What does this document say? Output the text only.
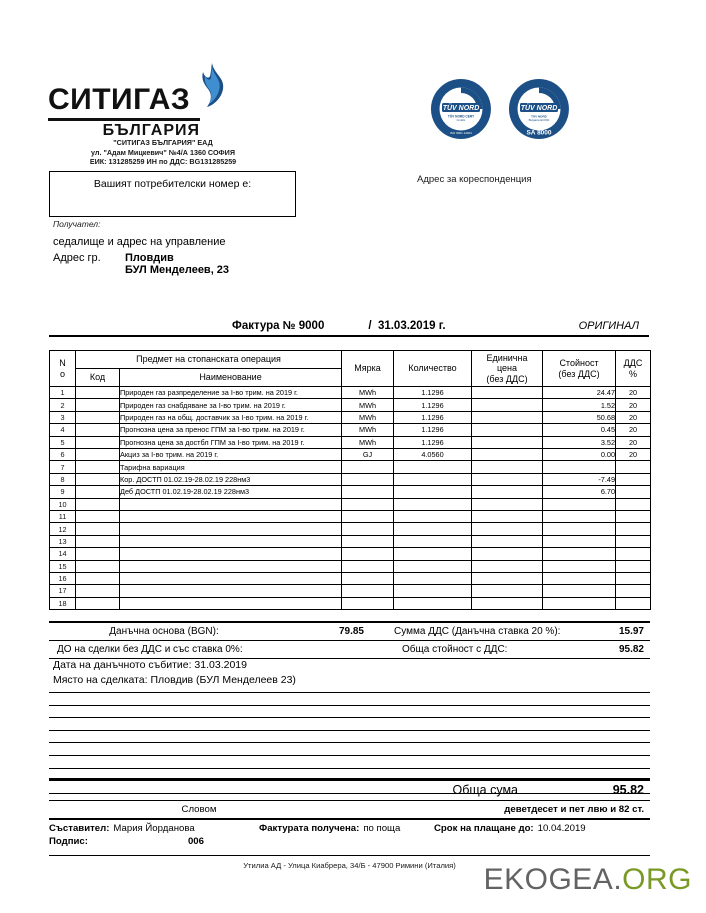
СИТИГАЗ
БЪЛГАРИЯ
"СИТИГАЗ БЪЛГАРИЯ" ЕАД
ул. "Адам Мицкевич" №4/А 1360 СОФИЯ
ЕИК: 131285259 ИН по ДДС: BG131285259
TÜV NORD
TÜV NORD CERT
GmbH
ISO 9001 14001
TÜV NORD
TÜV NORD
Bulgaria EOOD
SA 8000
Вашият потребителски номер е:	Адрес за кореспонденция
Получател:
седалище и адрес на управление
Адрес гр.	Пловдив
БУЛ Менделеев, 23
Фактура № 9000	/ 31.03.2019 г.	ОРИГИНАЛ
N
o	Предмет на стопанската операция		Мярка	Количество	Единична
цена
(без ДДС)	Стойност
(без ДДС)	ДДС
%
	Код	Наименование					
1		Природен газ разпределение за I-во трим. на 2019 г.	MWh	1.1296		24.47	20
2		Природен газ снабдяване за I-во трим. на 2019 г.	MWh	1.1296		1.52	20
3		Природен газ на общ. доставчик за I-во трим. на 2019 г.	MWh	1.1296		50.68	20
4		Прогнозна цена за пренос ГПМ за I-во трим. на 2019 г.	MWh	1.1296		0.45	20
5		Прогнозна цена за достбл ГПМ за I-во трим. на 2019 г.	MWh	1.1296		3.52	20
6		Акциз за I-во трим. на 2019 г.	GJ	4.0560		0.00	20
7		Тарифна вариация					
8		Кор. ДОСТП 01.02.19-28.02.19 228нм3				-7.49	
9		Деб ДОСТП 01.02.19-28.02.19 228нм3				6.70	
10							
11							
12							
13							
14							
15							
16							
17							
18							
Данъчна основа (BGN):	79.85	Сумма ДДС (Данъчна ставка 20 %):	15.97
ДО на сделки без ДДС и със ставка 0%:	Обща стойност с ДДС:	95.82
Дата на данъчното събитие: 31.03.2019
Място на сделката: Пловдив (БУЛ Менделеев 23)
Обща сума	95.82
Словом	деветдесет и пет лвю и 82 ст.
Съставител: Мария Йорданова	Фактурата получена: по поща	Срок на плащане до: 10.04.2019
Подпис:	006
Утилиа АД - Улица Киабрера, 34/Б - 47900 Римини (Италия) EKOGEA.ORG
